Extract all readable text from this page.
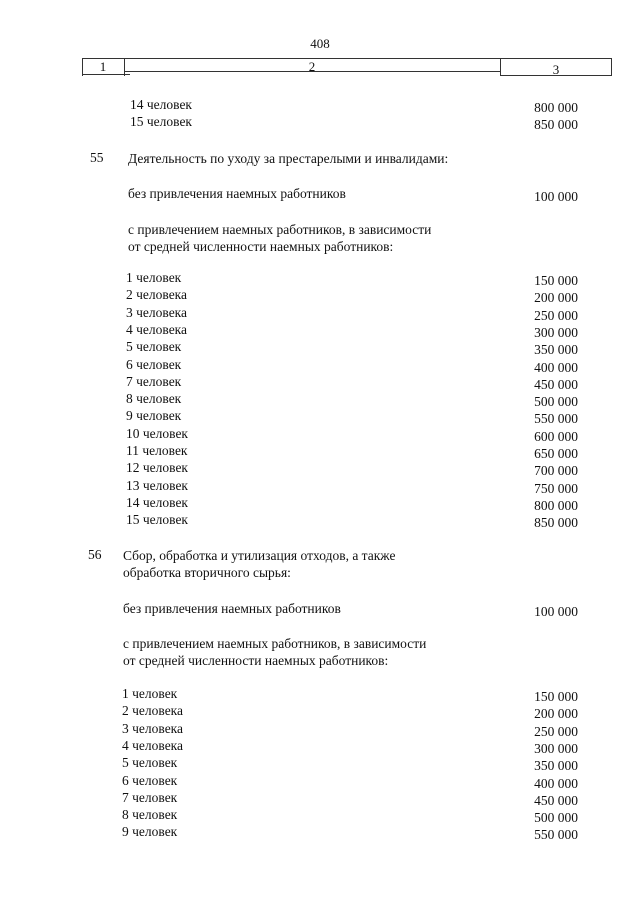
408
1	2	3
14 человек	800 000
15 человек	850 000
55 Деятельность по уходу за престарелыми и инвалидами:
без привлечения наемных работников	100 000
с привлечением наемных работников, в зависимости
от средней численности наемных работников:
1 человек	150 000
2 человека	200 000
3 человека	250 000
4 человека	300 000
5 человек	350 000
6 человек	400 000
7 человек	450 000
8 человек	500 000
9 человек	550 000
10 человек	600 000
11 человек	650 000
12 человек	700 000
13 человек	750 000
14 человек	800 000
15 человек	850 000
56 Сбор, обработка и утилизация отходов, а также
обработка вторичного сырья:
без привлечения наемных работников	100 000
с привлечением наемных работников, в зависимости
от средней численности наемных работников:
1 человек	150 000
2 человека	200 000
3 человека	250 000
4 человека	300 000
5 человек	350 000
6 человек	400 000
7 человек	450 000
8 человек	500 000
9 человек	550 000
